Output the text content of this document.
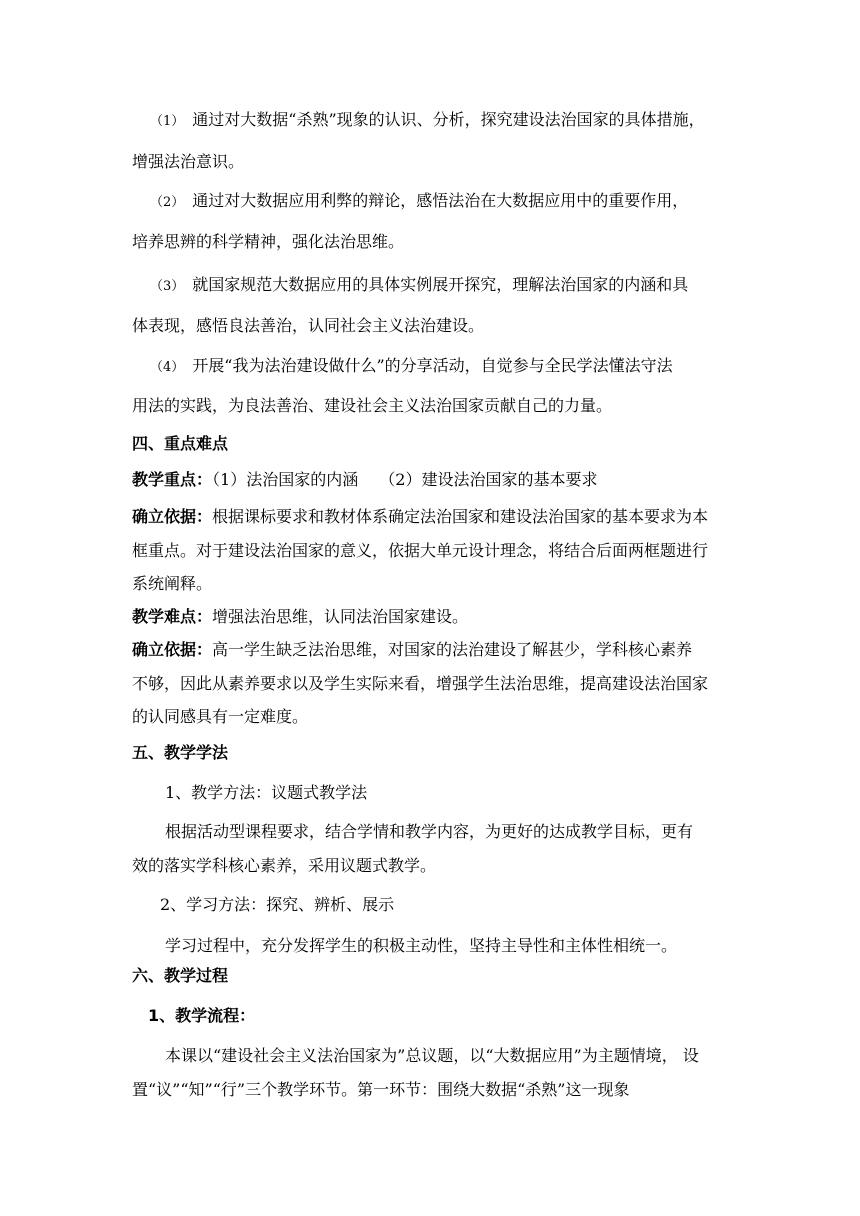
（1） 通过对大数据“杀熟”现象的认识、分析，探究建设法治国家的具体措施，
增强法治意识。
（2） 通过对大数据应用利弊的辩论，感悟法治在大数据应用中的重要作用，
培养思辨的科学精神，强化法治思维。
（3） 就国家规范大数据应用的具体实例展开探究，理解法治国家的内涵和具
体表现，感悟良法善治，认同社会主义法治建设。
（4） 开展“我为法治建设做什么”的分享活动，自觉参与全民学法懂法守法
用法的实践，为良法善治、建设社会主义法治国家贡献自己的力量。
四、重点难点
教学重点：（1）法治国家的内涵　 （2）建设法治国家的基本要求
确立依据：根据课标要求和教材体系确定法治国家和建设法治国家的基本要求为本
框重点。对于建设法治国家的意义，依据大单元设计理念，将结合后面两框题进行
系统阐释。
教学难点：增强法治思维，认同法治国家建设。
确立依据：高一学生缺乏法治思维，对国家的法治建设了解甚少，学科核心素养
不够，因此从素养要求以及学生实际来看，增强学生法治思维，提高建设法治国家
的认同感具有一定难度。
五、教学学法
1、教学方法：议题式教学法
根据活动型课程要求，结合学情和教学内容，为更好的达成教学目标，更有
效的落实学科核心素养，采用议题式教学。
2、学习方法：探究、辨析、展示
学习过程中，充分发挥学生的积极主动性，坚持主导性和主体性相统一。
六、教学过程
1、教学流程：
本课以“建设社会主义法治国家为”总议题，以“大数据应用”为主题情境， 设
置“议”“知”“行”三个教学环节。第一环节：围绕大数据“杀熟”这一现象
